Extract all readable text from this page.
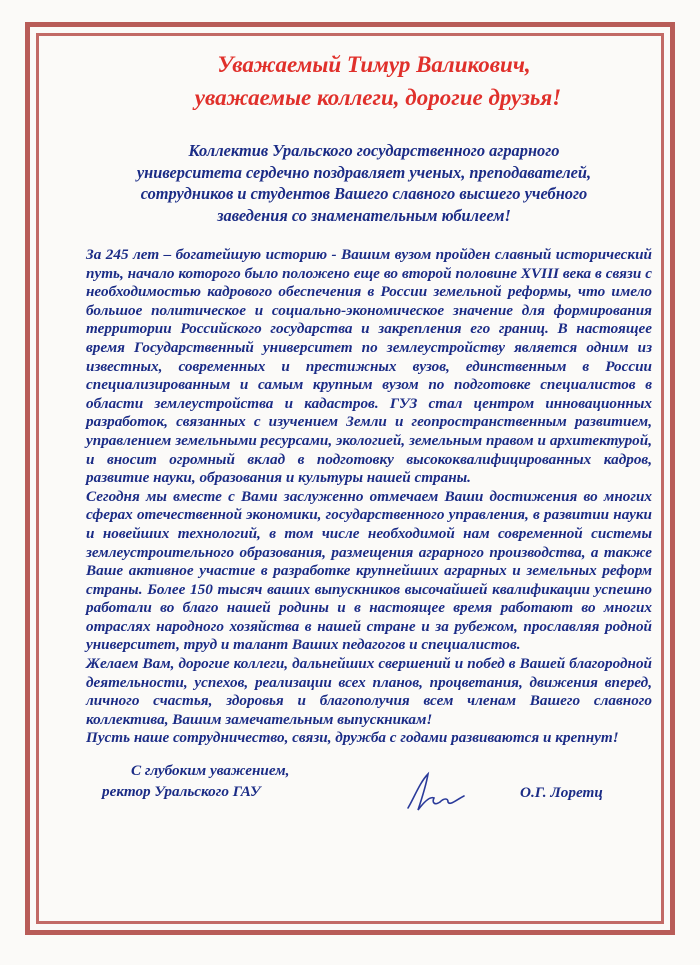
Уважаемый Тимур Валикович,
уважаемые коллеги, дорогие друзья!
Коллектив Уральского государственного аграрного
университета сердечно поздравляет ученых, преподавателей,
сотрудников и студентов Вашего славного высшего учебного
заведения со знаменательным юбилеем!

За 245 лет – богатейшую историю - Вашим вузом пройден славный исторический путь, начало которого было положено еще во второй половине XVIII века в связи с необходимостью кадрового обеспечения в России земельной реформы, что имело большое политическое и социально-экономическое значение для формирования территории Российского государства и закрепления его границ. В настоящее время Государственный университет по землеустройству является одним из известных, современных и престижных вузов, единственным в России специализированным и самым крупным вузом по подготовке специалистов в области землеустройства и кадастров. ГУЗ стал центром инновационных разработок, связанных с изучением Земли и геопространственным развитием, управлением земельными ресурсами, экологией, земельным правом и архитектурой, и вносит огромный вклад в подготовку высококвалифицированных кадров, развитие науки, образования и культуры нашей страны.

Сегодня мы вместе с Вами заслуженно отмечаем Ваши достижения во многих сферах отечественной экономики, государственного управления, в развитии науки и новейших технологий, в том числе необходимой нам современной системы землеустроительного образования, размещения аграрного производства, а также Ваше активное участие в разработке крупнейших аграрных и земельных реформ страны. Более 150 тысяч ваших выпускников высочайшей квалификации успешно работали во благо нашей родины и в настоящее время работают во многих отраслях народного хозяйства в нашей стране и за рубежом, прославляя родной университет, труд и талант Ваших педагогов и специалистов.

Желаем Вам, дорогие коллеги, дальнейших свершений и побед в Вашей благородной деятельности, успехов, реализации всех планов, процветания, движения вперед, личного счастья, здоровья и благополучия всем членам Вашего славного коллектива, Вашим замечательным выпускникам!

Пусть наше сотрудничество, связи, дружба с годами развиваются и крепнут!

С глубоким уважением,
ректор Уральского ГАУ	О.Г. Лоретц
